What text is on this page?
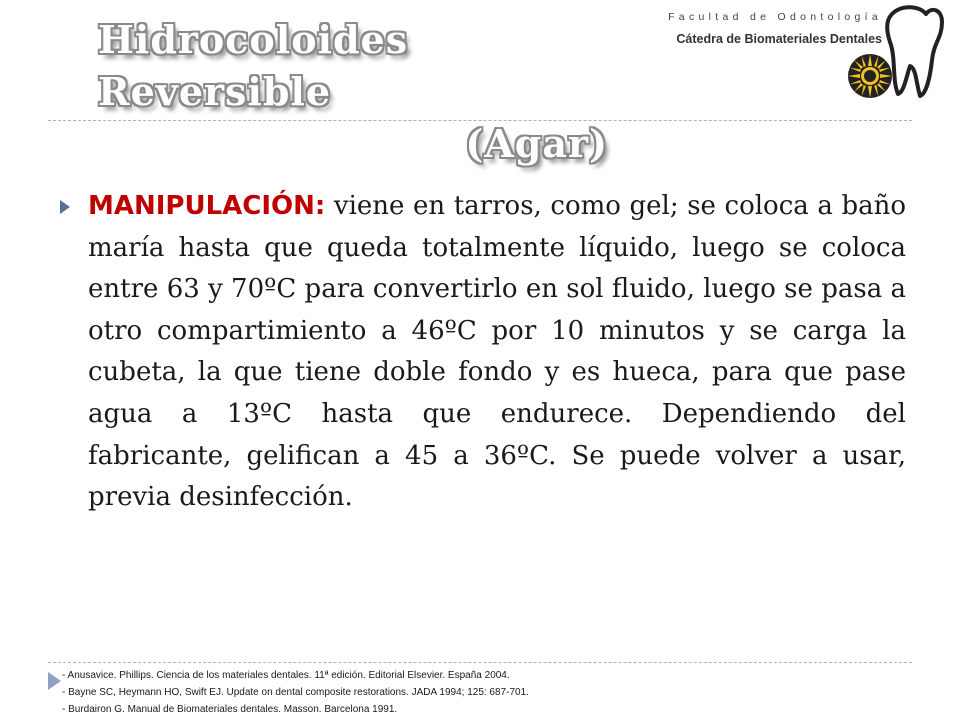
Hidrocoloides Reversible
(Agar)
Facultad de Odontología
Cátedra de Biomateriales Dentales
MANIPULACIÓN: viene en tarros, como gel; se coloca a baño maría hasta que queda totalmente líquido, luego se coloca entre 63 y 70ºC para convertirlo en sol fluido, luego se pasa a otro compartimiento a 46ºC por 10 minutos y se carga la cubeta, la que tiene doble fondo y es hueca, para que pase agua a 13ºC hasta que endurece. Dependiendo del fabricante, gelifican a 45 a 36ºC. Se puede volver a usar, previa desinfección.
- Anusavice. Phillips. Ciencia de los materiales dentales. 11ª edición. Editorial Elsevier. España 2004.
- Bayne SC, Heymann HO, Swift EJ. Update on dental composite restorations. JADA 1994; 125: 687-701.
- Burdairon G. Manual de Biomateriales dentales. Masson. Barcelona 1991.
